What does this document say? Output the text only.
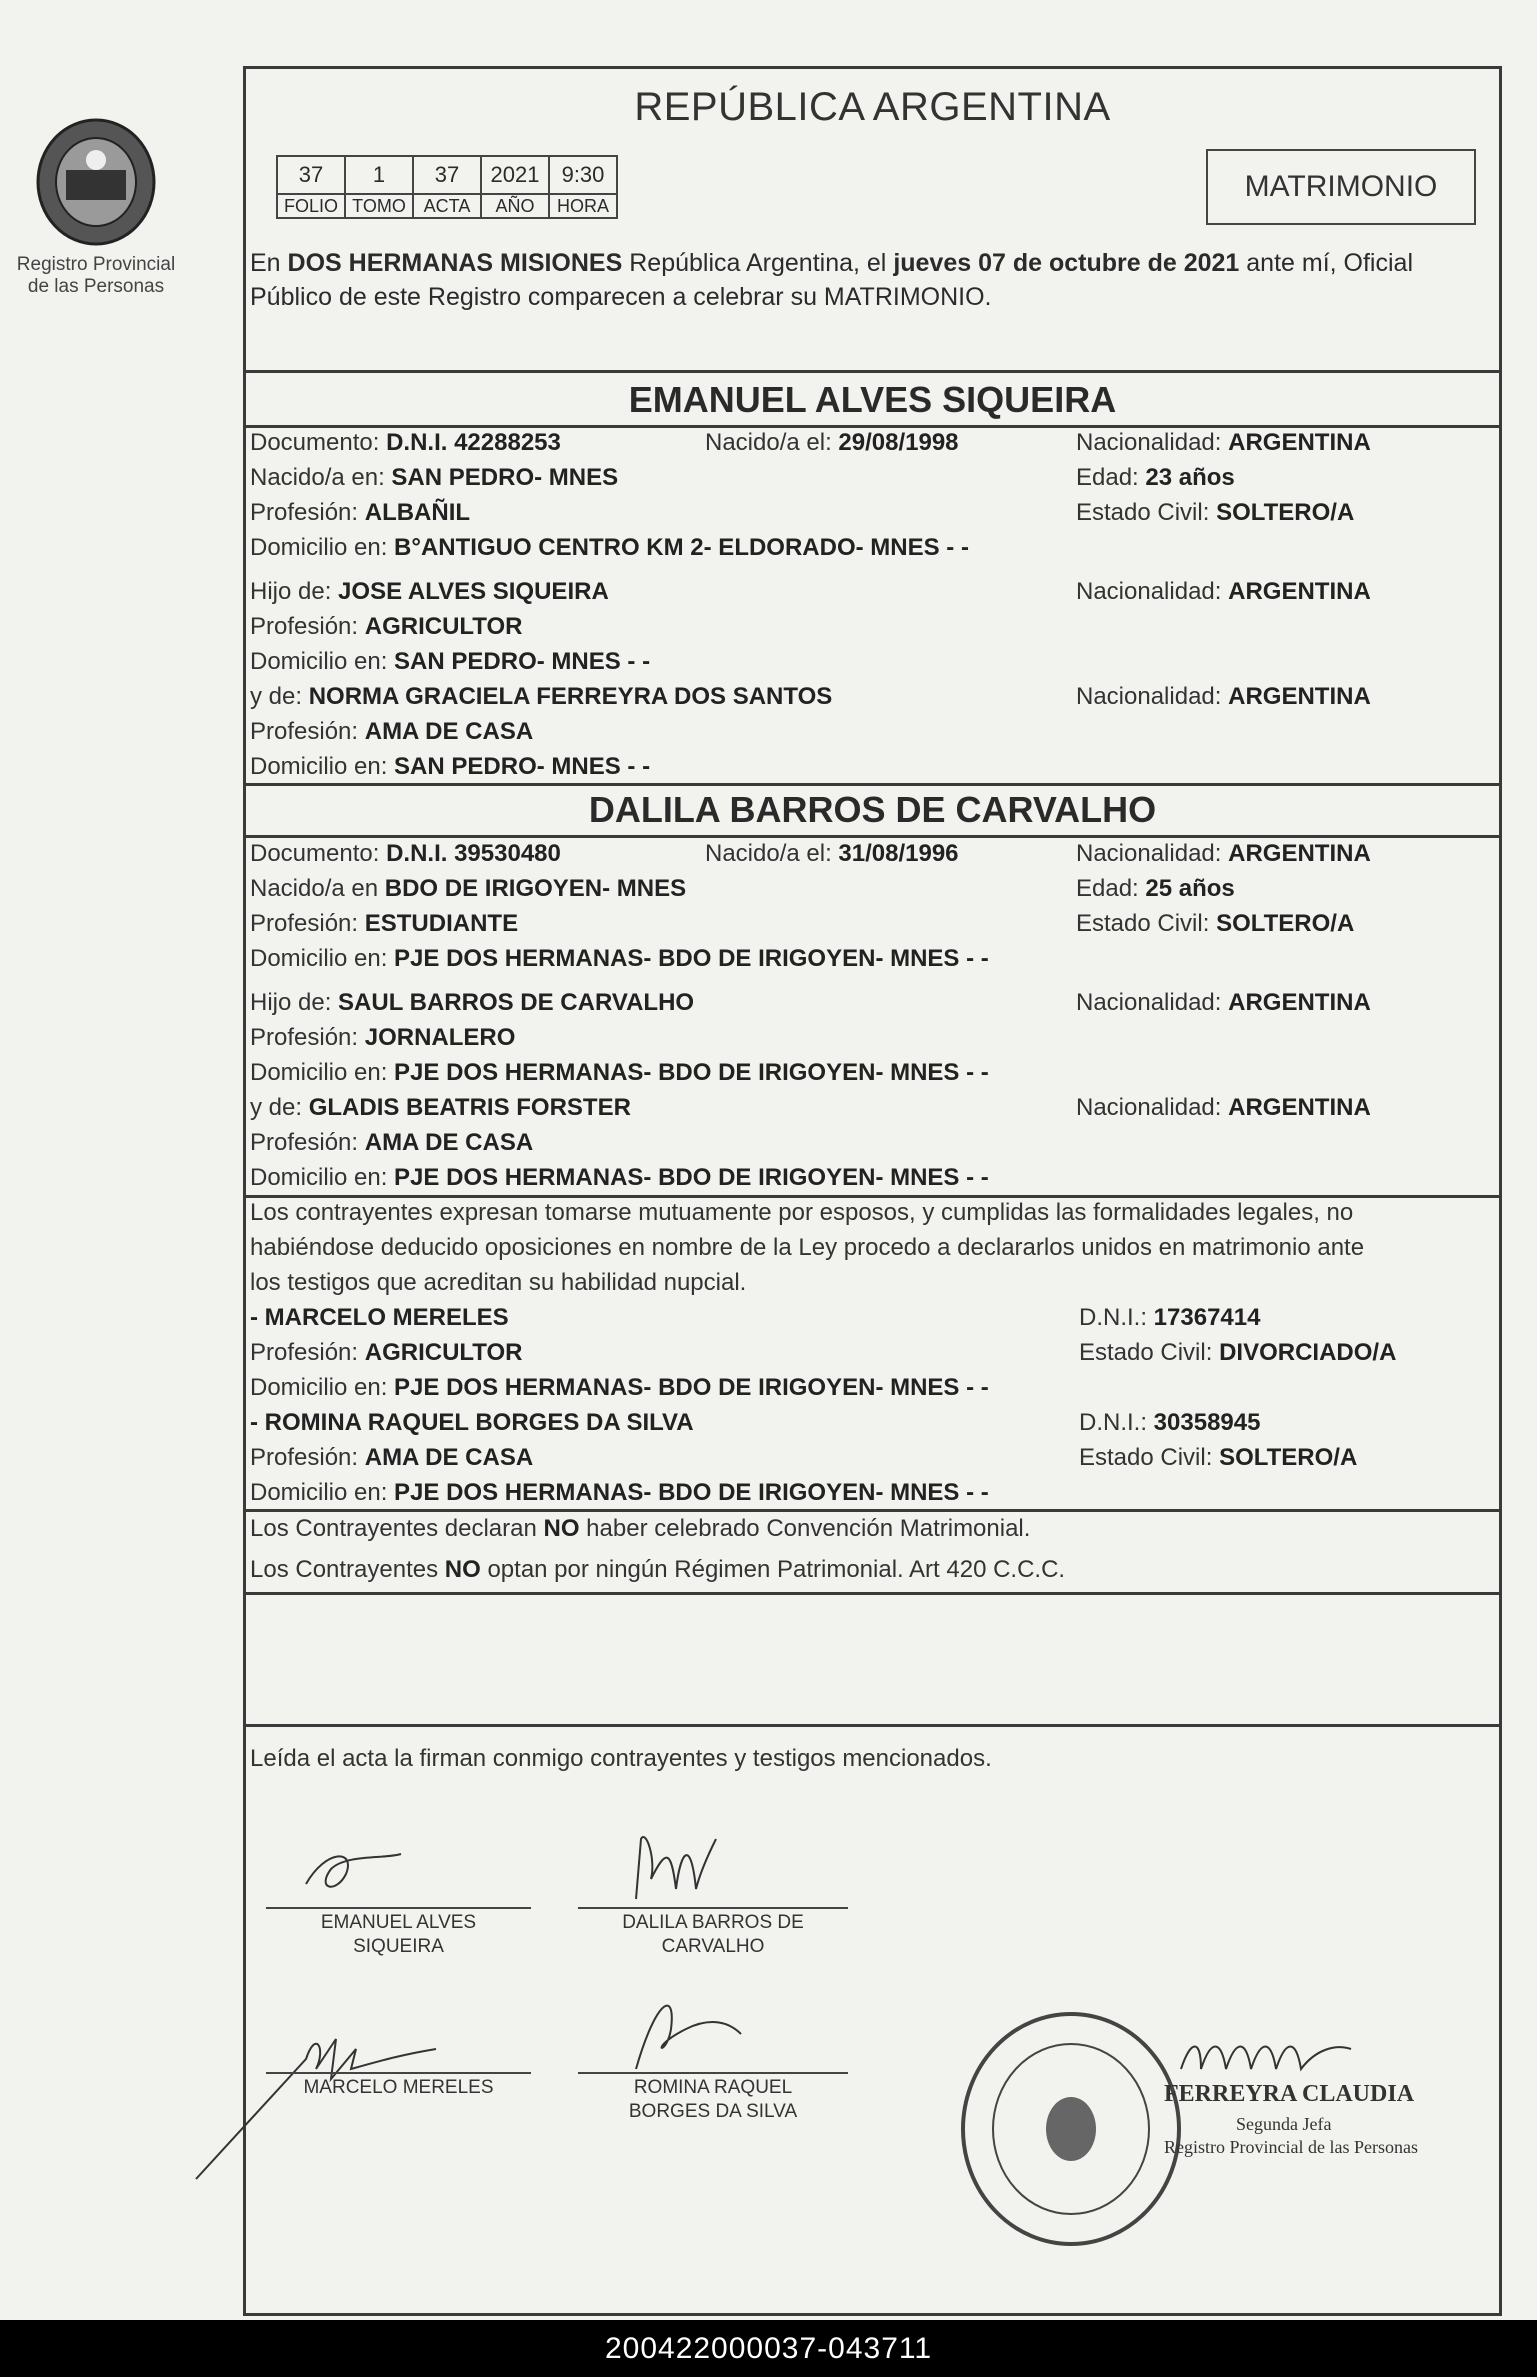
Registro Provincial
de las Personas
REPÚBLICA ARGENTINA
37	1	37	2021	9:30
FOLIO	TOMO	ACTA	AÑO	HORA
MATRIMONIO
En DOS HERMANAS MISIONES República Argentina, el jueves 07 de octubre de 2021 ante mí, Oficial Público de este Registro comparecen a celebrar su MATRIMONIO.
EMANUEL ALVES SIQUEIRA
Documento: D.N.I. 42288253	Nacido/a el: 29/08/1998	Nacionalidad: ARGENTINA
Nacido/a en: SAN PEDRO- MNES	Edad: 23 años
Profesión: ALBAÑIL	Estado Civil: SOLTERO/A
Domicilio en: B°ANTIGUO CENTRO KM 2- ELDORADO- MNES - -
Hijo de: JOSE ALVES SIQUEIRA	Nacionalidad: ARGENTINA
Profesión: AGRICULTOR
Domicilio en: SAN PEDRO- MNES - -
y de: NORMA GRACIELA FERREYRA DOS SANTOS	Nacionalidad: ARGENTINA
Profesión: AMA DE CASA
Domicilio en: SAN PEDRO- MNES - -
DALILA BARROS DE CARVALHO
Documento: D.N.I. 39530480	Nacido/a el: 31/08/1996	Nacionalidad: ARGENTINA
Nacido/a en BDO DE IRIGOYEN- MNES	Edad: 25 años
Profesión: ESTUDIANTE	Estado Civil: SOLTERO/A
Domicilio en: PJE DOS HERMANAS- BDO DE IRIGOYEN- MNES - -
Hijo de: SAUL BARROS DE CARVALHO	Nacionalidad: ARGENTINA
Profesión: JORNALERO
Domicilio en: PJE DOS HERMANAS- BDO DE IRIGOYEN- MNES - -
y de: GLADIS BEATRIS FORSTER	Nacionalidad: ARGENTINA
Profesión: AMA DE CASA
Domicilio en: PJE DOS HERMANAS- BDO DE IRIGOYEN- MNES - -
Los contrayentes expresan tomarse mutuamente por esposos, y cumplidas las formalidades legales, no
habiéndose deducido oposiciones en nombre de la Ley procedo a declararlos unidos en matrimonio ante
los testigos que acreditan su habilidad nupcial.
- MARCELO MERELES	D.N.I.: 17367414
Profesión: AGRICULTOR	Estado Civil: DIVORCIADO/A
Domicilio en: PJE DOS HERMANAS- BDO DE IRIGOYEN- MNES - -
- ROMINA RAQUEL BORGES DA SILVA	D.N.I.: 30358945
Profesión: AMA DE CASA	Estado Civil: SOLTERO/A
Domicilio en: PJE DOS HERMANAS- BDO DE IRIGOYEN- MNES - -
Los Contrayentes declaran NO haber celebrado Convención Matrimonial.
Los Contrayentes NO optan por ningún Régimen Patrimonial. Art 420 C.C.C.
Leída el acta la firman conmigo contrayentes y testigos mencionados.
EMANUEL ALVES
SIQUEIRA
DALILA BARROS DE
CARVALHO
MARCELO MERELES	ROMINA RAQUEL
BORGES DA SILVA
FERREYRA CLAUDIA
Segunda Jefa
Registro Provincial de las Personas
200422000037-043711
